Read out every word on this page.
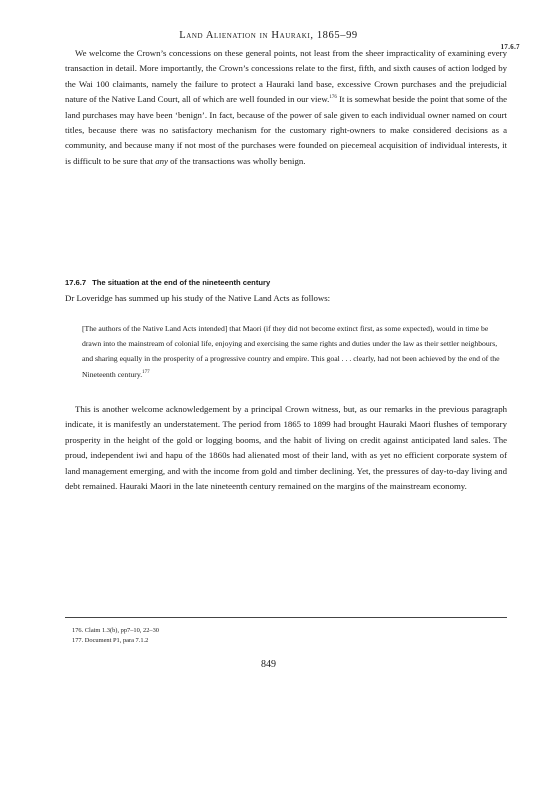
Land Alienation in Hauraki, 1865–99
17.6.7

We welcome the Crown’s concessions on these general points, not least from the sheer impracticality of examining every transaction in detail. More importantly, the Crown’s concessions relate to the first, fifth, and sixth causes of action lodged by the Wai 100 claimants, namely the failure to protect a Hauraki land base, excessive Crown purchases and the prejudicial nature of the Native Land Court, all of which are well founded in our view.$^{176}$ It is somewhat beside the point that some of the land purchases may have been ‘benign’. In fact, because of the power of sale given to each individual owner named on court titles, because there was no satisfactory mechanism for the customary right-owners to make considered decisions as a community, and because many if not most of the purchases were founded on piecemeal acquisition of individual interests, it is difficult to be sure that any of the transactions was wholly benign.

17.6.7 The situation at the end of the nineteenth century

Dr Loveridge has summed up his study of the Native Land Acts as follows:

[The authors of the Native Land Acts intended] that Maori (if they did not become extinct first, as some expected), would in time be drawn into the mainstream of colonial life, enjoying and exercising the same rights and duties under the law as their settler neighbours, and sharing equally in the prosperity of a progressive country and empire. This goal . . . clearly, had not been achieved by the end of the Nineteenth century.$^{177}$

This is another welcome acknowledgement by a principal Crown witness, but, as our remarks in the previous paragraph indicate, it is manifestly an understatement. The period from 1865 to 1899 had brought Hauraki Maori flushes of temporary prosperity in the height of the gold or logging booms, and the habit of living on credit against anticipated land sales. The proud, independent iwi and hapu of the 1860s had alienated most of their land, with as yet no efficient corporate system of land management emerging, and with the income from gold and timber declining. Yet, the pressures of day-to-day living and debt remained. Hauraki Maori in the late nineteenth century remained on the margins of the mainstream economy.

176. Claim 1.3(b), pp7–10, 22–30

177. Document P1, para 7.1.2

849
